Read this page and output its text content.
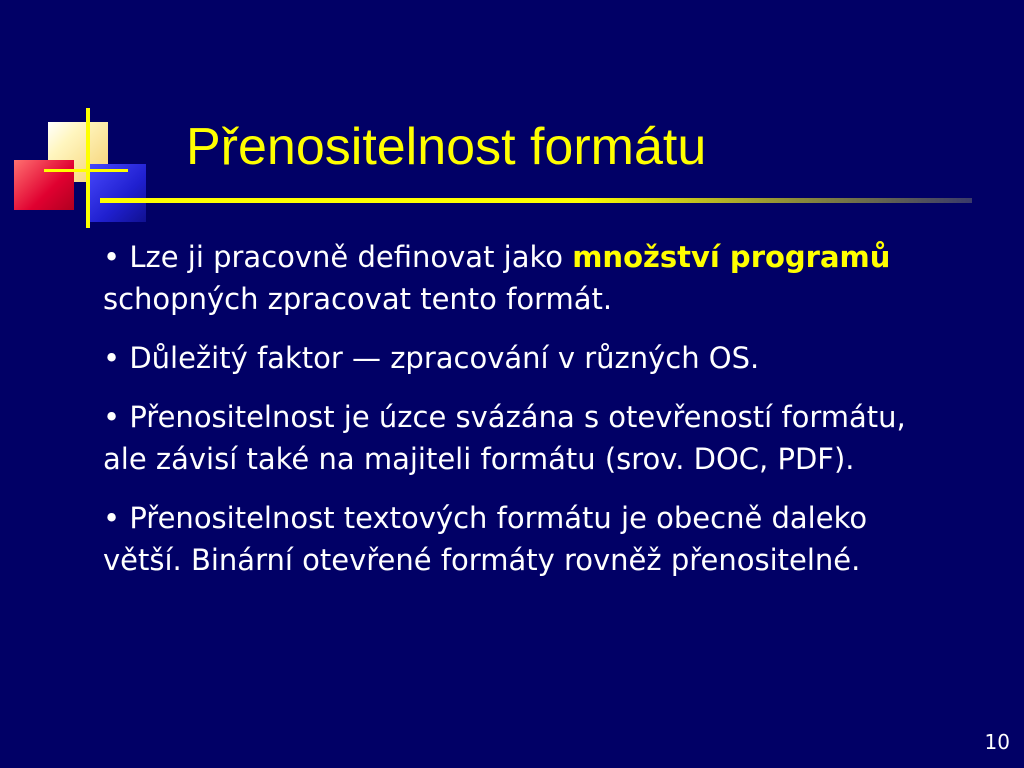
Přenositelnost formátu

• Lze ji pracovně definovat jako množství programů schopných zpracovat tento formát.

• Důležitý faktor — zpracování v různých OS.

• Přenositelnost je úzce svázána s otevřeností formátu, ale závisí také na majiteli formátu (srov. DOC, PDF).

• Přenositelnost textových formátu je obecně daleko větší. Binární otevřené formáty rovněž přenositelné.

10
